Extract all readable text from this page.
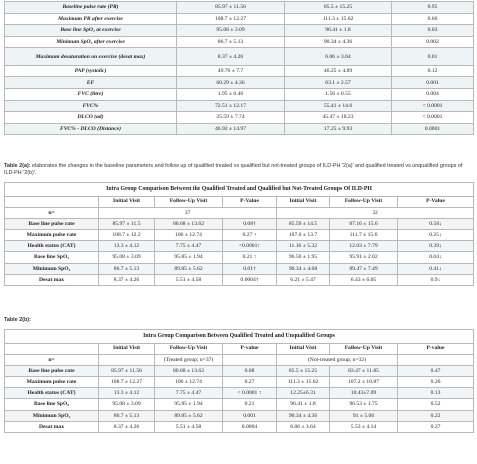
Baseline pulse rate (PR)	85.97 ± 11.56	85.5 ± 15.25	0.95
Maximum PR after exercise	108.7 ± 12.27	111.3 ± 15.62	0.66
Base line SpO₂ at exercise	95.08 ± 3.09	96.41 ± 1.8	0.03
Minimum SpO₂ after exercise	86.7 ± 5.13	90.34 ± 4.36	0.002
Maximum desaturation on exercise (desat max)	8.37 ± 4.26	6.06 ± 3.64	0.01
PAP (systolic)	49.76 ± 7.7	46.25 ± 4.89	0.12
EF	60.29 ± 4.36	63.1 ± 2.57	0.001
FVC (litre)	1.95 ± 0.46	1.56 ± 0.55	0.004
FVC%	72.51 ± 12.17	55.41 ± 14.6	< 0.0001
DLCO (ad)	25.59 ± 7.74	45.47 ± 18.23	< 0.0001
FVC% - DLCO (Distance)	46.92 ± 14.97	17.25 ± 9.93	0.0001
Table 2(a): elaborates the changes in the baseline parameters and follow up of qualified treated vs qualified but not-treated groups of ILD-PH '2(a)' and qualified treated vs unqualified groups of ILD-PH '2(b)'.
Intra Group Comparison Between the Qualified Treated and Qualified but Not-Treated Groups Of ILD-PH						
	Initial Visit	Follow-Up Visit	P-Value	Initial Visit	Follow-Up Visit	P-Value
n=	37			32		
Base line pulse rate	85.97 ± 11.5	80.68 ± 13.62	0.08†	85.59 ± 14.5	87.16 ± 15.6	0.58↓
Maximum pulse rate	108.7 ± 12.2	106 ± 12.74	0.27 ↑	107.6 ± 13.7	111.7 ± 15.6	0.25↓
Health status (CAT)	13.3 ± 4.12	7.75 ± 4.47	<0.0001↑	11.16 ± 5.32	12.03 ± 7.79	0.39↓
Base line SpO₂	95.08 ± 3.09	95.85 ± 1.94	0.21 ↑	96.56 ± 1.95	95.91 ± 2.02	0.04↓
Minimum SpO₂	86.7 ± 5.13	89.85 ± 5.62	0.01†	90.34 ± 4.68	89.47 ± 7.49	0.41↓
Desat max	8.37 ± 4.26	5.51 ± 4.58	0.0004†	6.21 ± 5.47	6.43 ± 6.05	0.9↓
Table 2(b):
Intra Group Comparison Between Qualified Treated and Unqualified Groups						
	Initial Visit	Follow-Up Visit	P-value	Initial Visit	Follow-Up Visit	P-value
n=		(Treated group; n=37)		(Not-treated group; n=32)		
Base line pulse rate	85.97 ± 11.56	80.68 ± 13.62	0.08	85.5 ± 15.25	83.47 ± 11.85	0.47
Maximum pulse rate	108.7 ± 12.27	106 ± 12.74	0.27	111.3 ± 15.62	107.2 ± 10.87	0.26
Health status (CAT)	13.3 ± 4.12	7.75 ± 4.47	< 0.0001 ↑	12.25±6.31	10.43±7.09	0.13
Base line SpO₂	95.08 ± 3.09	95.85 ± 1.94	0.21	96.41 ± 1.8	96.53 ± 1.75	0.52
Minimum SpO₂	86.7 ± 5.13	89.85 ± 5.62	0.001	90.34 ± 4.36	91 ± 5.06	0.22
Desat max	8.37 ± 4.26	5.51 ± 4.58	0.0004	6.06 ± 3.64	5.53 ± 4.14	0.27
